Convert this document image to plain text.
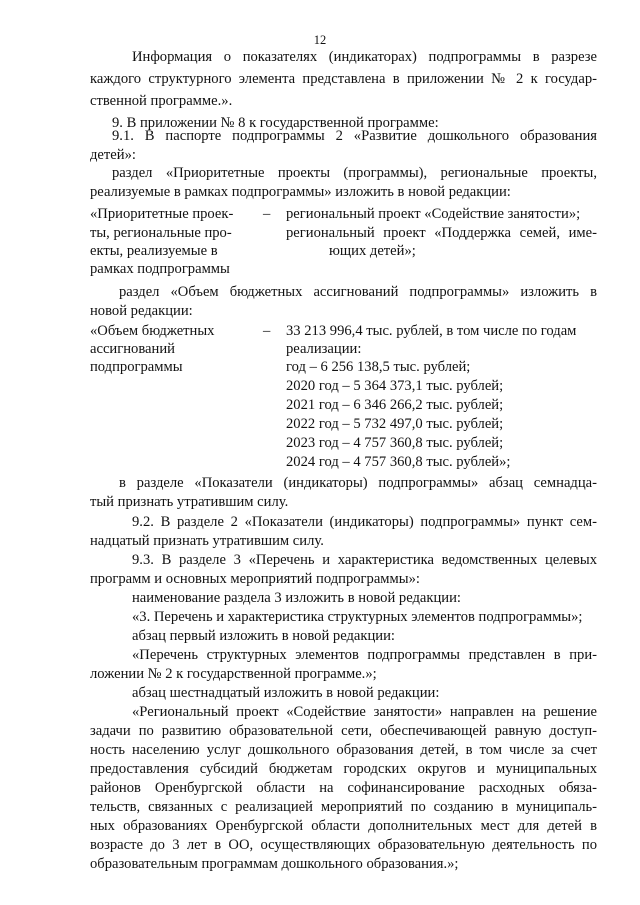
12
Информация о показателях (индикаторах) подпрограммы в разрезе
каждого структурного элемента представлена в приложении № 2 к государ-
ственной программе.».
9. В приложении № 8 к государственной программе:
9.1. В паспорте подпрограммы 2 «Развитие дошкольного образования
детей»:
раздел «Приоритетные проекты (программы), региональные проекты,
реализуемые в рамках подпрограммы» изложить в новой редакции:
«Приоритетные проек-
ты, региональные про-
екты, реализуемые в
рамках подпрограммы
– региональный проект «Содействие занятости»;
региональный проект «Поддержка семей, име-
ющих детей»;
раздел «Объем бюджетных ассигнований подпрограммы» изложить в
новой редакции:
«Объем бюджетных
ассигнований
подпрограммы
– 33 213 996,4 тыс. рублей, в том числе по годам
реализации:
год – 6 256 138,5 тыс. рублей;
2020 год – 5 364 373,1 тыс. рублей;
2021 год – 6 346 266,2 тыс. рублей;
2022 год – 5 732 497,0 тыс. рублей;
2023 год – 4 757 360,8 тыс. рублей;
2024 год – 4 757 360,8 тыс. рублей»;
в разделе «Показатели (индикаторы) подпрограммы» абзац семнадца-
тый признать утратившим силу.
9.2. В разделе 2 «Показатели (индикаторы) подпрограммы» пункт сем-
надцатый признать утратившим силу.
9.3. В разделе 3 «Перечень и характеристика ведомственных целевых
программ и основных мероприятий подпрограммы»:
наименование раздела 3 изложить в новой редакции:
«3. Перечень и характеристика структурных элементов подпрограммы»;
абзац первый изложить в новой редакции:
«Перечень структурных элементов подпрограммы представлен в при-
ложении № 2 к государственной программе.»;
абзац шестнадцатый изложить в новой редакции:
«Региональный проект «Содействие занятости» направлен на решение
задачи по развитию образовательной сети, обеспечивающей равную доступ-
ность населению услуг дошкольного образования детей, в том числе за счет
предоставления субсидий бюджетам городских округов и муниципальных
районов Оренбургской области на софинансирование расходных обяза-
тельств, связанных с реализацией мероприятий по созданию в муниципаль-
ных образованиях Оренбургской области дополнительных мест для детей в
возрасте до 3 лет в ОО, осуществляющих образовательную деятельность по
образовательным программам дошкольного образования.»;
